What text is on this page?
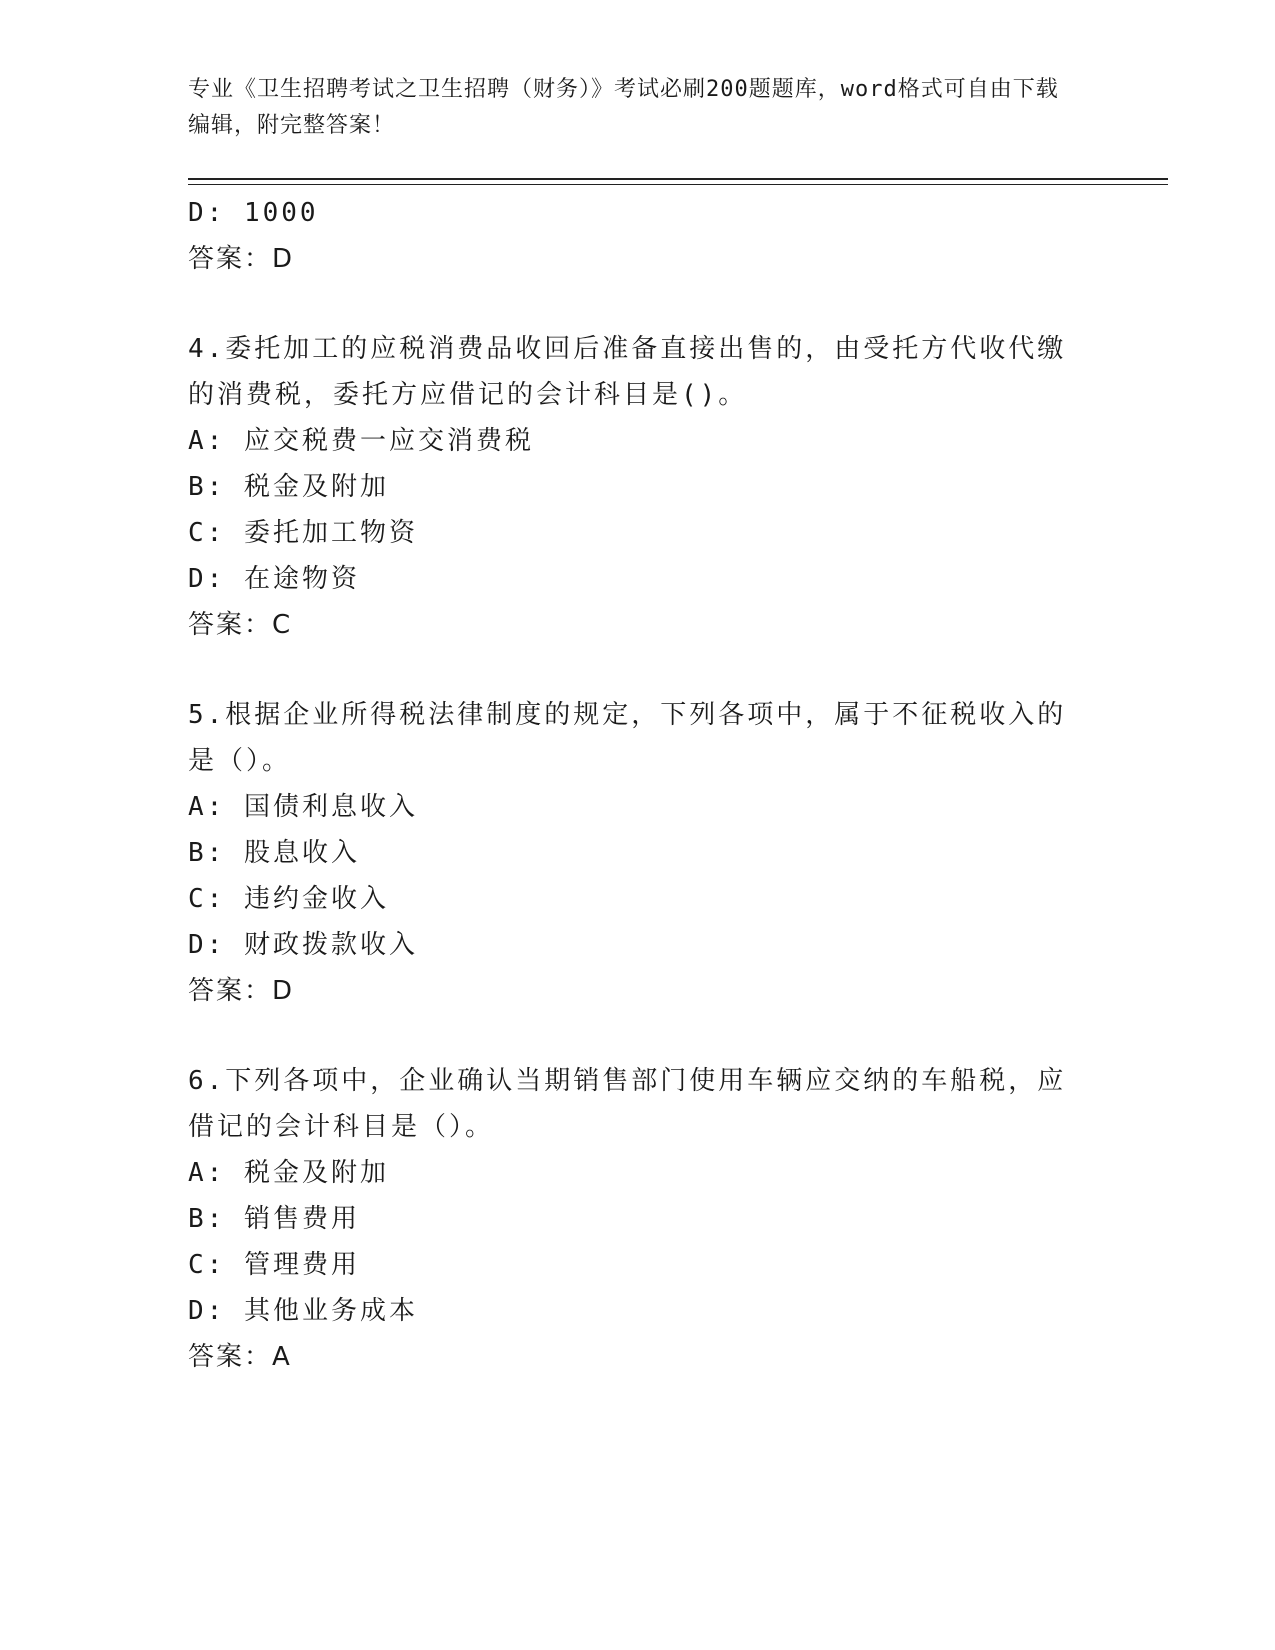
专业《卫生招聘考试之卫生招聘（财务）》考试必刷200题题库，word格式可自由下载编辑，附完整答案！
D: 1000
答案：D
4.委托加工的应税消费品收回后准备直接出售的，由受托方代收代缴的消费税，委托方应借记的会计科目是()。
A: 应交税费一应交消费税
B: 税金及附加
C: 委托加工物资
D: 在途物资
答案：C
5.根据企业所得税法律制度的规定，下列各项中，属于不征税收入的是（）。
A: 国债利息收入
B: 股息收入
C: 违约金收入
D: 财政拨款收入
答案：D
6.下列各项中，企业确认当期销售部门使用车辆应交纳的车船税，应借记的会计科目是（）。
A: 税金及附加
B: 销售费用
C: 管理费用
D: 其他业务成本
答案：A
